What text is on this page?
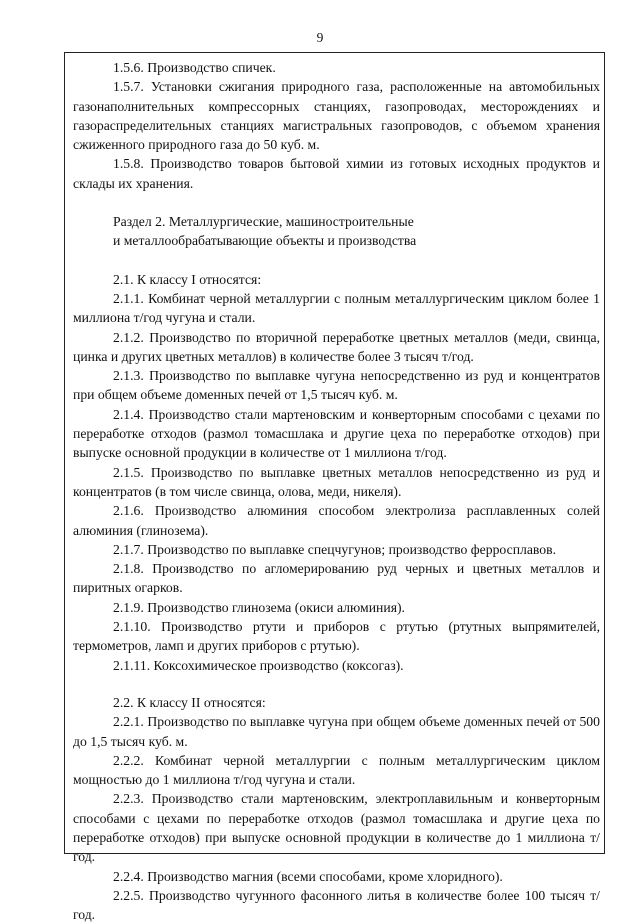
9

1.5.6. Производство спичек.

1.5.7. Установки сжигания природного газа, расположенные на автомобильных газонаполнительных компрессорных станциях, газопроводах, месторождениях и газораспределительных станциях магистральных газопроводов, с объемом хранения сжиженного природного газа до 50 куб. м.

1.5.8. Производство товаров бытовой химии из готовых исходных продуктов и склады их хранения.

Раздел 2. Металлургические, машиностроительные

и металлообрабатывающие объекты и производства

2.1. К классу I относятся:

2.1.1. Комбинат черной металлургии с полным металлургическим циклом более 1 миллиона т/год чугуна и стали.

2.1.2. Производство по вторичной переработке цветных металлов (меди, свинца, цинка и других цветных металлов) в количестве более 3 тысяч т/год.

2.1.3. Производство по выплавке чугуна непосредственно из руд и концентратов при общем объеме доменных печей от 1,5 тысяч куб. м.

2.1.4. Производство стали мартеновским и конверторным способами с цехами по переработке отходов (размол томасшлака и другие цеха по переработке отходов) при выпуске основной продукции в количестве от 1 миллиона т/год.

2.1.5. Производство по выплавке цветных металлов непосредственно из руд и концентратов (в том числе свинца, олова, меди, никеля).

2.1.6. Производство алюминия способом электролиза расплавленных солей алюминия (глинозема).

2.1.7. Производство по выплавке спецчугунов; производство ферросплавов.

2.1.8. Производство по агломерированию руд черных и цветных металлов и пиритных огарков.

2.1.9. Производство глинозема (окиси алюминия).

2.1.10. Производство ртути и приборов с ртутью (ртутных выпрямителей, термометров, ламп и других приборов с ртутью).

2.1.11. Коксохимическое производство (коксогаз).

2.2. К классу II относятся:

2.2.1. Производство по выплавке чугуна при общем объеме доменных печей от 500 до 1,5 тысяч куб. м.

2.2.2. Комбинат черной металлургии с полным металлургическим циклом мощностью до 1 миллиона т/год чугуна и стали.

2.2.3. Производство стали мартеновским, электроплавильным и конверторным способами с цехами по переработке отходов (размол томасшлака и другие цеха по переработке отходов) при выпуске основной продукции в количестве до 1 миллиона т/год.

2.2.4. Производство магния (всеми способами, кроме хлоридного).

2.2.5. Производство чугунного фасонного литья в количестве более 100 тысяч т/год.
